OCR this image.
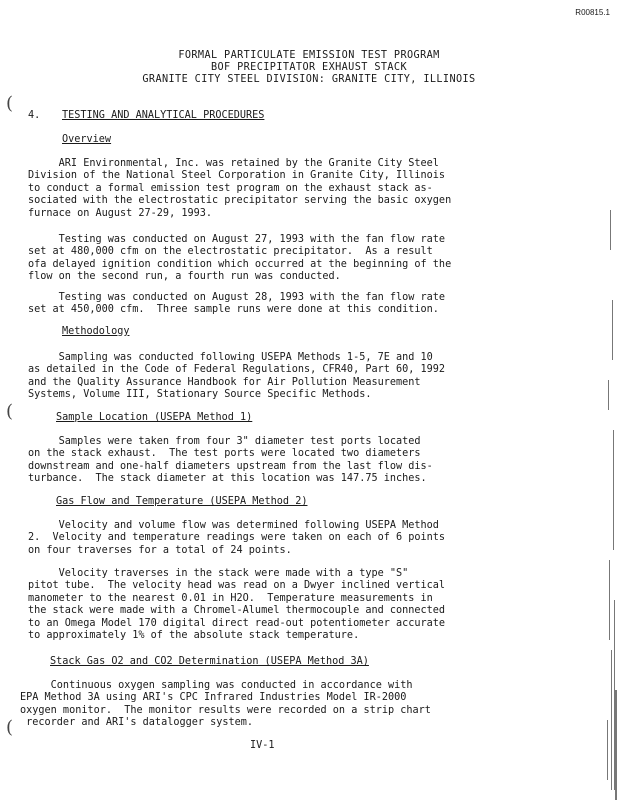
R00815.1
FORMAL PARTICULATE EMISSION TEST PROGRAM
BOF PRECIPITATOR EXHAUST STACK
GRANITE CITY STEEL DIVISION: GRANITE CITY, ILLINOIS
(
4. TESTING AND ANALYTICAL PROCEDURES
Overview
ARI Environmental, Inc. was retained by the Granite City Steel
Division of the National Steel Corporation in Granite City, Illinois
to conduct a formal emission test program on the exhaust stack as-
sociated with the electrostatic precipitator serving the basic oxygen
furnace on August 27-29, 1993.
Testing was conducted on August 27, 1993 with the fan flow rate
set at 480,000 cfm on the electrostatic precipitator.  As a result
ofa delayed ignition condition which occurred at the beginning of the
flow on the second run, a fourth run was conducted.
Testing was conducted on August 28, 1993 with the fan flow rate
set at 450,000 cfm.  Three sample runs were done at this condition.
Methodology
Sampling was conducted following USEPA Methods 1-5, 7E and 10
as detailed in the Code of Federal Regulations, CFR40, Part 60, 1992
and the Quality Assurance Handbook for Air Pollution Measurement
Systems, Volume III, Stationary Source Specific Methods.
(	Sample Location (USEPA Method 1)
Samples were taken from four 3" diameter test ports located
on the stack exhaust.  The test ports were located two diameters
downstream and one-half diameters upstream from the last flow dis-
turbance.  The stack diameter at this location was 147.75 inches.
Gas Flow and Temperature (USEPA Method 2)
Velocity and volume flow was determined following USEPA Method
2.  Velocity and temperature readings were taken on each of 6 points
on four traverses for a total of 24 points.
Velocity traverses in the stack were made with a type "S"
pitot tube.  The velocity head was read on a Dwyer inclined vertical
manometer to the nearest 0.01 in H2O.  Temperature measurements in
the stack were made with a Chromel-Alumel thermocouple and connected
to an Omega Model 170 digital direct read-out potentiometer accurate
to approximately 1% of the absolute stack temperature.
Stack Gas O2 and CO2 Determination (USEPA Method 3A)
Continuous oxygen sampling was conducted in accordance with
EPA Method 3A using ARI's CPC Infrared Industries Model IR-2000
oxygen monitor.  The monitor results were recorded on a strip chart
recorder and ARI's datalogger system.
(
IV-1
